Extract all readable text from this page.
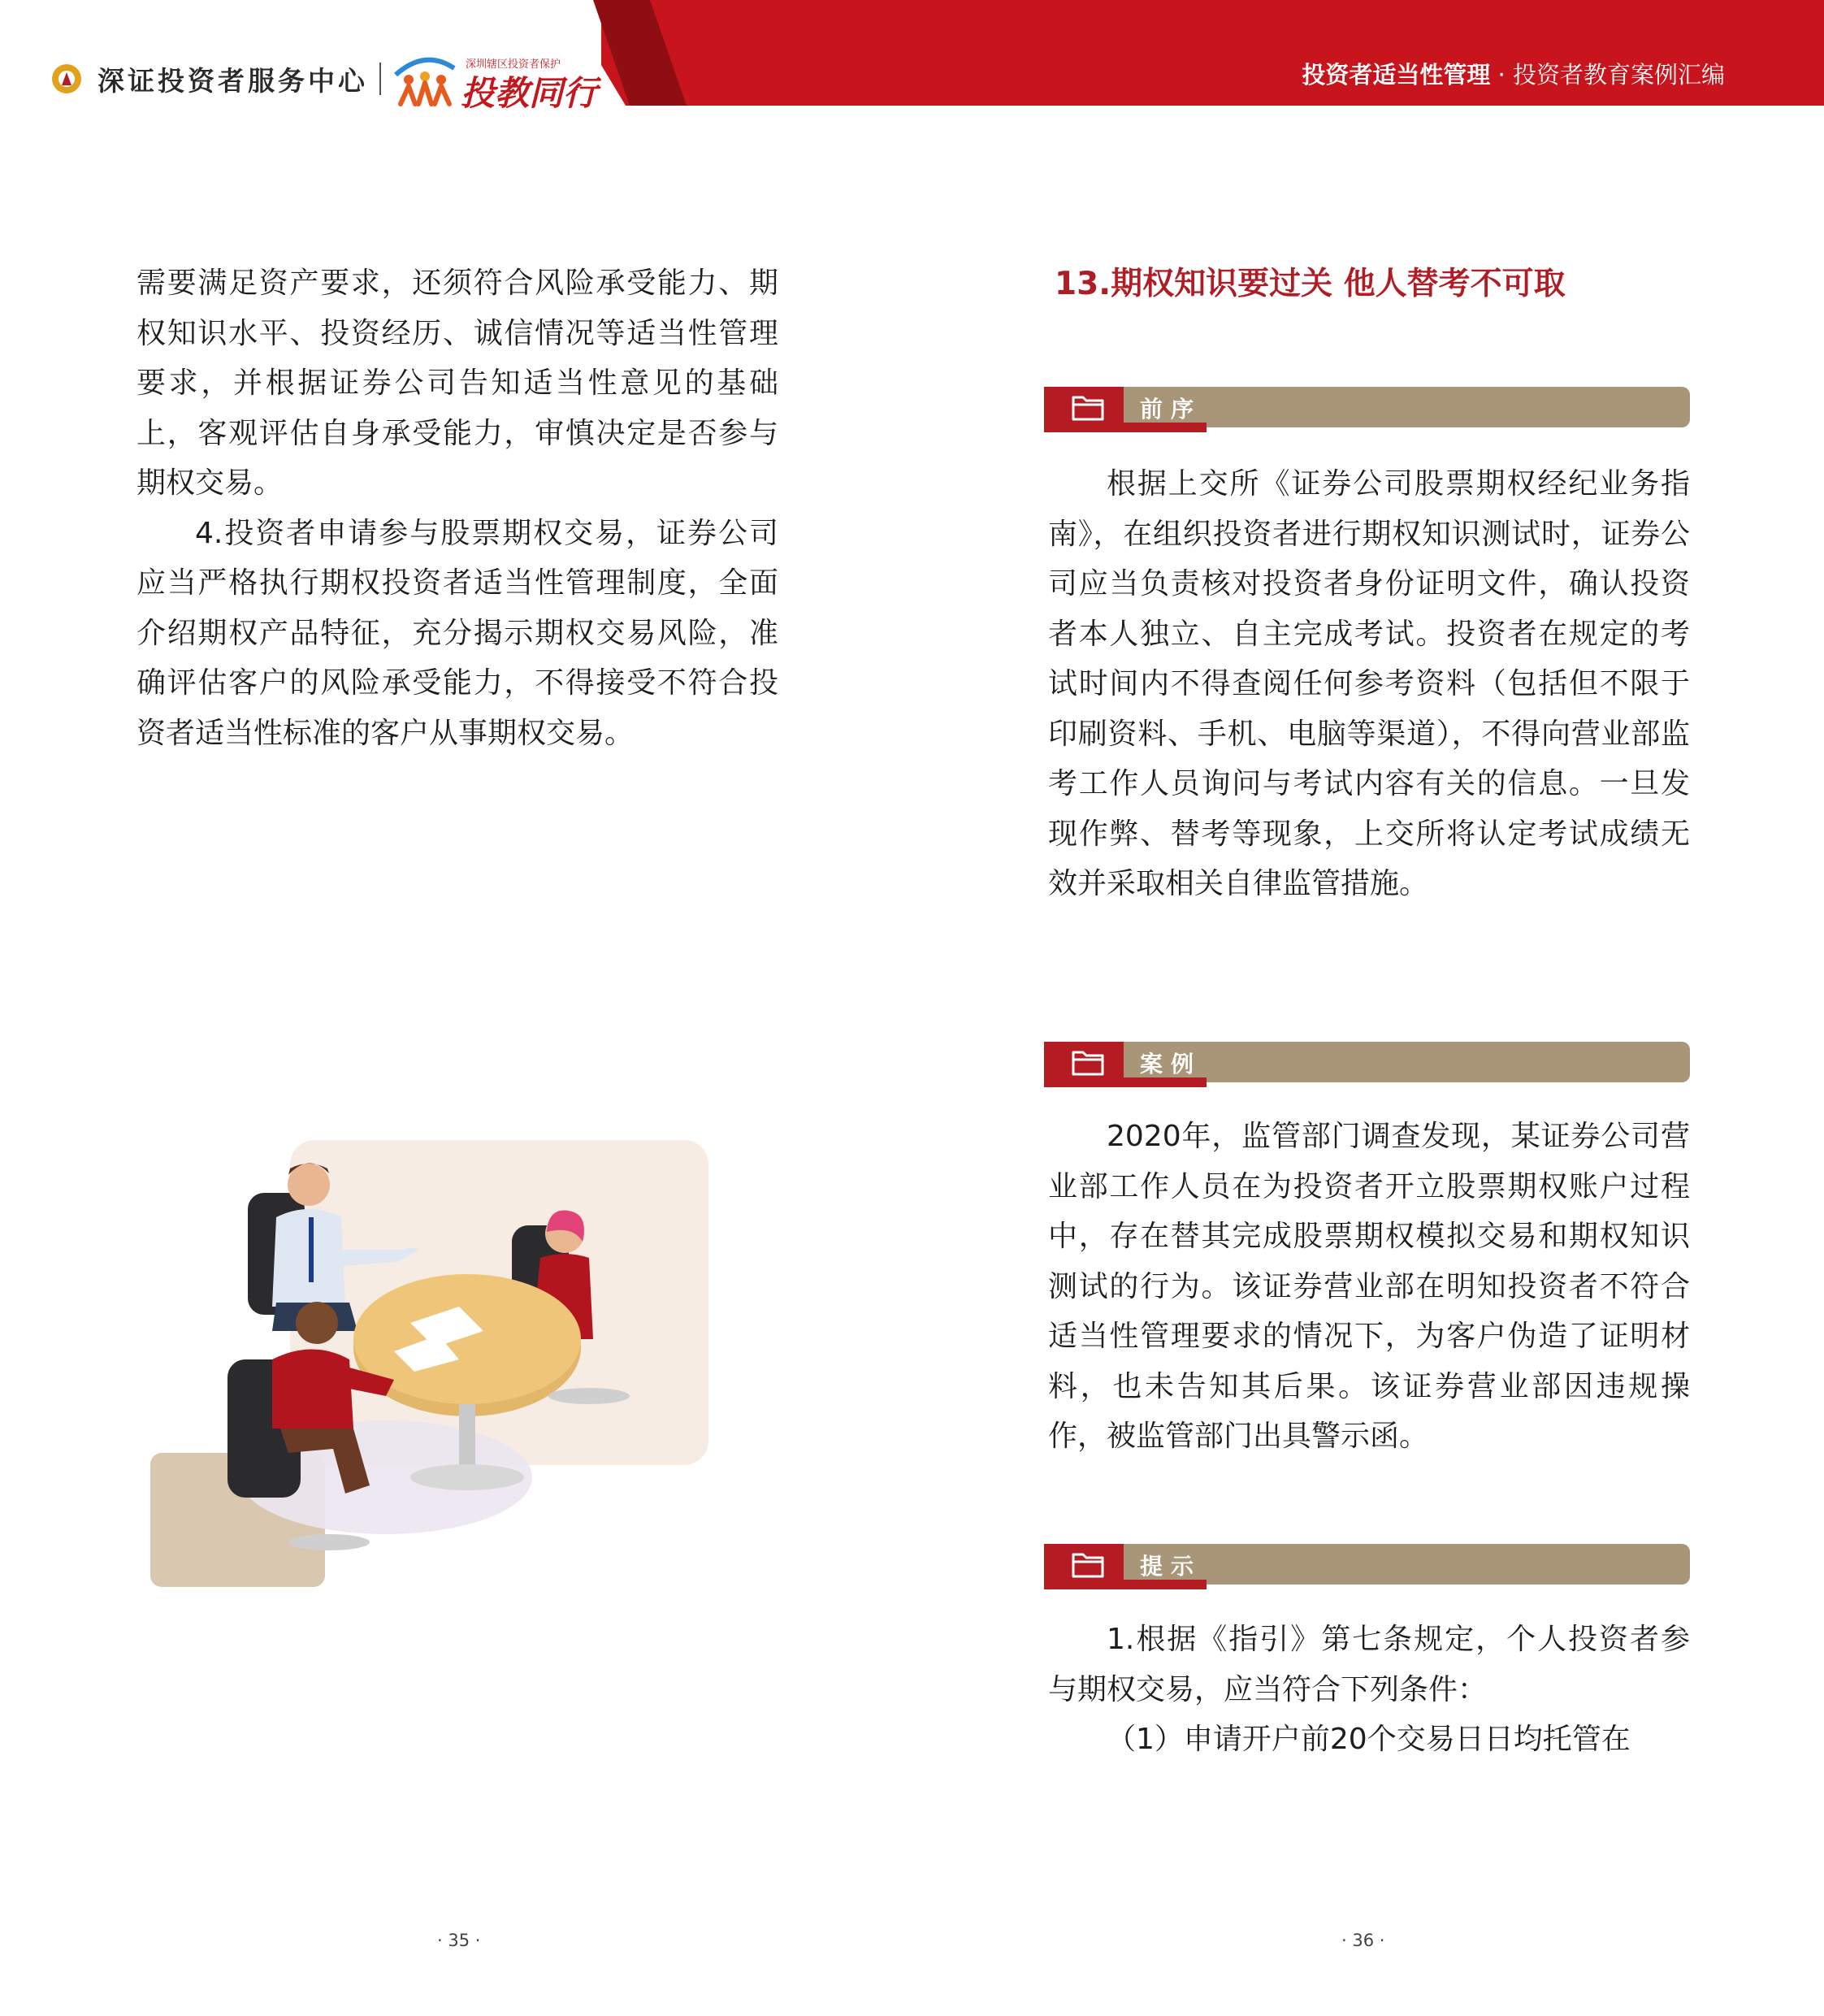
深证投资者服务中心	深圳辖区投资者保护
投教同行	投资者适当性管理 · 投资者教育案例汇编

需要满足资产要求，还须符合风险承受能力、期权知识水平、投资经历、诚信情况等适当性管理要求，并根据证券公司告知适当性意见的基础上，客观评估自身承受能力，审慎决定是否参与期权交易。

4.投资者申请参与股票期权交易，证券公司应当严格执行期权投资者适当性管理制度，全面介绍期权产品特征，充分揭示期权交易风险，准确评估客户的风险承受能力，不得接受不符合投资者适当性标准的客户从事期权交易。

13.期权知识要过关 他人替考不可取
前序

根据上交所《证券公司股票期权经纪业务指南》，在组织投资者进行期权知识测试时，证券公司应当负责核对投资者身份证明文件，确认投资者本人独立、自主完成考试。投资者在规定的考试时间内不得查阅任何参考资料（包括但不限于印刷资料、手机、电脑等渠道），不得向营业部监考工作人员询问与考试内容有关的信息。一旦发现作弊、替考等现象，上交所将认定考试成绩无效并采取相关自律监管措施。

案例

2020年，监管部门调查发现，某证券公司营业部工作人员在为投资者开立股票期权账户过程中，存在替其完成股票期权模拟交易和期权知识测试的行为。该证券营业部在明知投资者不符合适当性管理要求的情况下，为客户伪造了证明材料，也未告知其后果。该证券营业部因违规操作，被监管部门出具警示函。

提示

1.根据《指引》第七条规定，个人投资者参与期权交易，应当符合下列条件：

（1）申请开户前20个交易日日均托管在

· 35 ·	· 36 ·
